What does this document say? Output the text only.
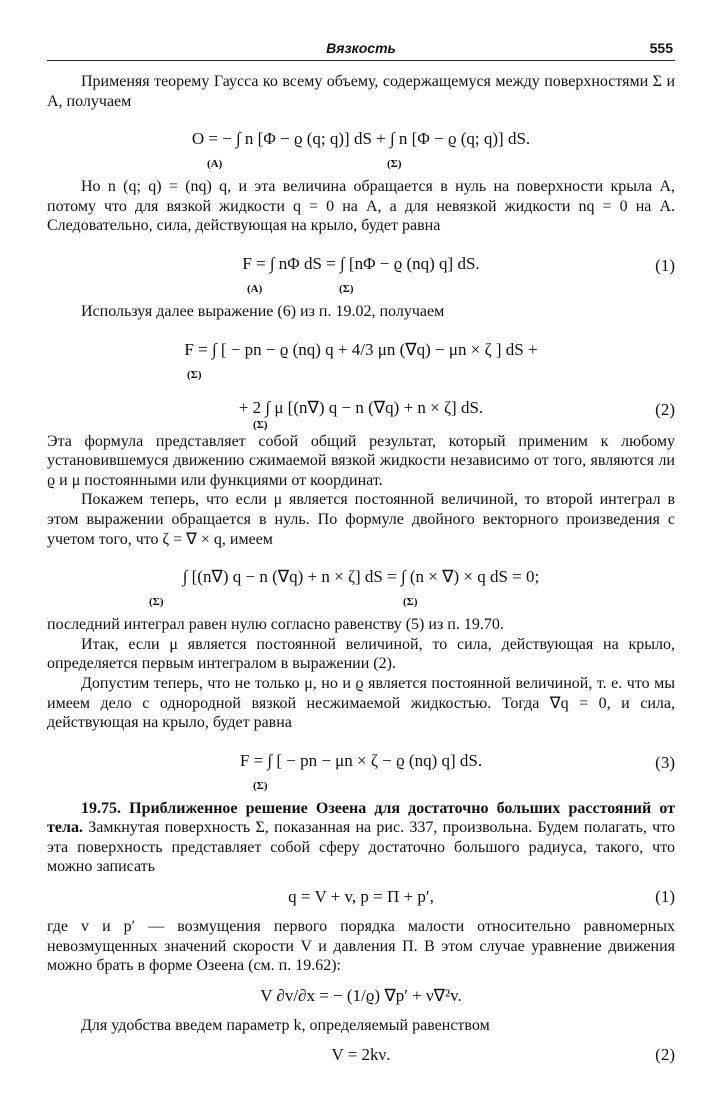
Вязкость	555

Применяя теорему Гаусса ко всему объему, содержащемуся между поверхностями Σ и A, получаем

O = − ∫ n [Φ − ϱ (q; q)] dS + ∫ n [Φ − ϱ (q; q)] dS.
(A)	(Σ)

Но n (q; q) = (nq) q, и эта величина обращается в нуль на поверхности крыла A, потому что для вязкой жидкости q = 0 на A, а для невязкой жидкости nq = 0 на A. Следовательно, сила, действующая на крыло, будет равна

F = ∫ nΦ dS = ∫ [nΦ − ϱ (nq) q] dS.	(1)
(A)	(Σ)

Используя далее выражение (6) из п. 19.02, получаем

F = ∫ [ − pn − ϱ (nq) q + 4/3 μn (∇q) − μn × ζ ] dS +
(Σ)
+ 2 ∫ μ [(n∇) q − n (∇q) + n × ζ] dS.	(2)
(Σ)

Эта формула представляет собой общий результат, который применим к любому установившемуся движению сжимаемой вязкой жидкости независимо от того, являются ли ϱ и μ постоянными или функциями от координат.

Покажем теперь, что если μ является постоянной величиной, то второй интеграл в этом выражении обращается в нуль. По формуле двойного векторного произведения с учетом того, что ζ = ∇ × q, имеем

∫ [(n∇) q − n (∇q) + n × ζ] dS = ∫ (n × ∇) × q dS = 0;
(Σ)	(Σ)

последний интеграл равен нулю согласно равенству (5) из п. 19.70.

Итак, если μ является постоянной величиной, то сила, действующая на крыло, определяется первым интегралом в выражении (2).

Допустим теперь, что не только μ, но и ϱ является постоянной величиной, т. е. что мы имеем дело с однородной вязкой несжимаемой жидкостью. Тогда ∇q = 0, и сила, действующая на крыло, будет равна

F = ∫ [ − pn − μn × ζ − ϱ (nq) q] dS.	(3)
(Σ)

19.75. Приближенное решение Озеена для достаточно больших расстояний от тела. Замкнутая поверхность Σ, показанная на рис. 337, произвольна. Будем полагать, что эта поверхность представляет собой сферу достаточно большого радиуса, такого, что можно записать

q = V + v, p = Π + p′,	(1)

где v и p′ — возмущения первого порядка малости относительно равномерных невозмущенных значений скорости V и давления Π. В этом случае уравнение движения можно брать в форме Озеена (см. п. 19.62):

V ∂v/∂x = − (1/ϱ) ∇p′ + ν∇²v.

Для удобства введем параметр k, определяемый равенством

V = 2kν.	(2)
